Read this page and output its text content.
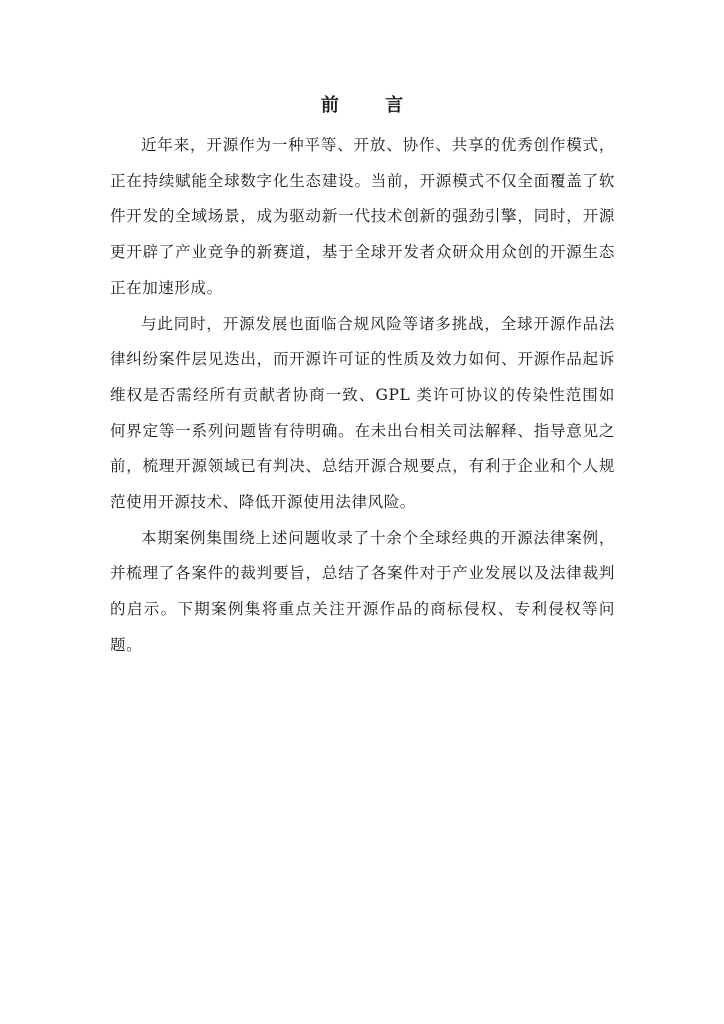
前 言

近年来，开源作为一种平等、开放、协作、共享的优秀创作模式，正在持续赋能全球数字化生态建设。当前，开源模式不仅全面覆盖了软件开发的全域场景，成为驱动新一代技术创新的强劲引擎，同时，开源更开辟了产业竞争的新赛道，基于全球开发者众研众用众创的开源生态正在加速形成。

与此同时，开源发展也面临合规风险等诸多挑战，全球开源作品法律纠纷案件层见迭出，而开源许可证的性质及效力如何、开源作品起诉维权是否需经所有贡献者协商一致、GPL 类许可协议的传染性范围如何界定等一系列问题皆有待明确。在未出台相关司法解释、指导意见之前，梳理开源领域已有判决、总结开源合规要点，有利于企业和个人规范使用开源技术、降低开源使用法律风险。

本期案例集围绕上述问题收录了十余个全球经典的开源法律案例，并梳理了各案件的裁判要旨，总结了各案件对于产业发展以及法律裁判的启示。下期案例集将重点关注开源作品的商标侵权、专利侵权等问题。
